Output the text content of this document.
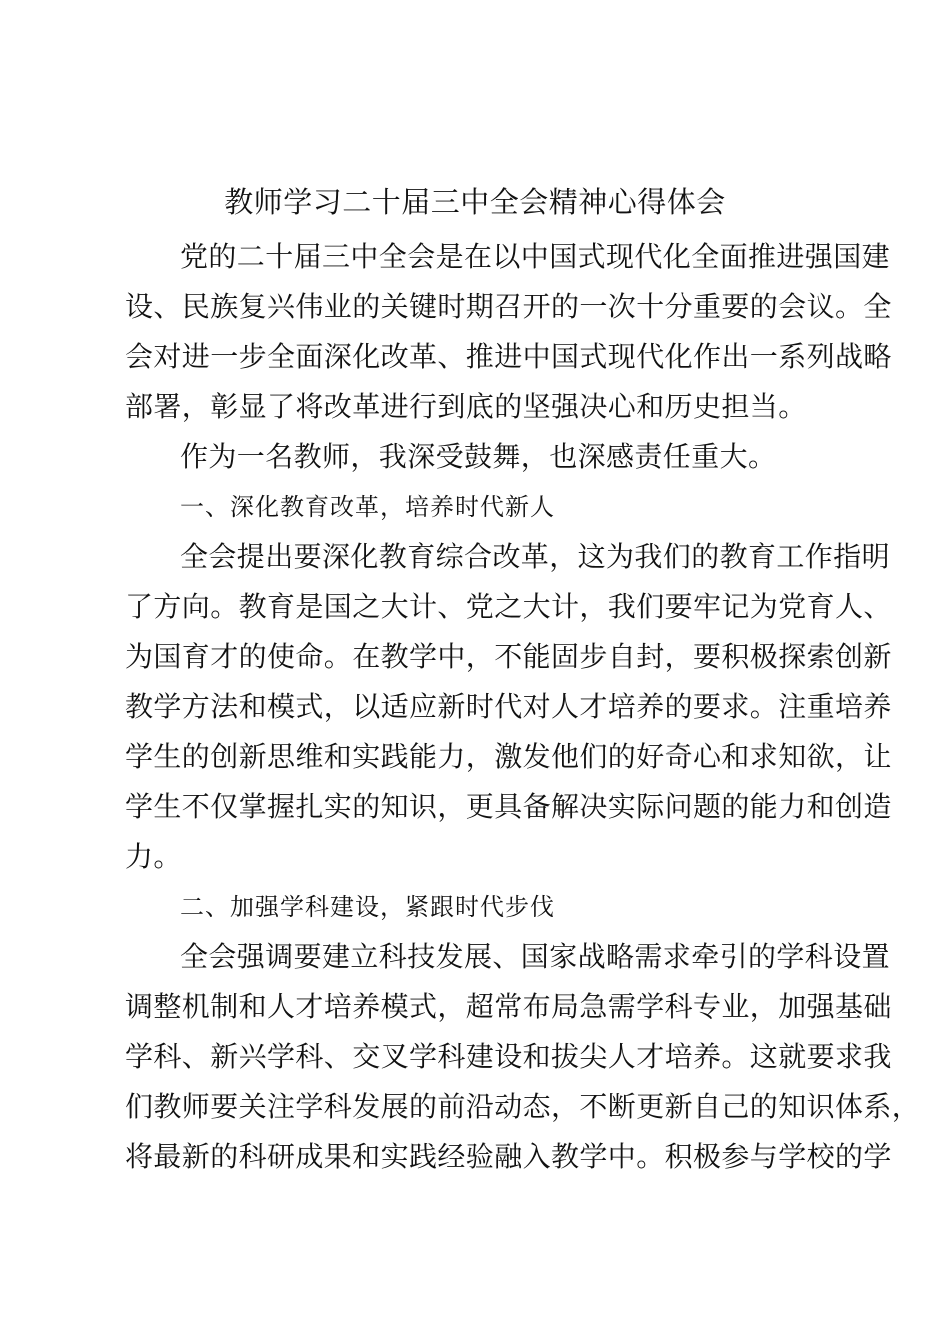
教师学习二十届三中全会精神心得体会
党的二十届三中全会是在以中国式现代化全面推进强国建
设、民族复兴伟业的关键时期召开的一次十分重要的会议。全
会对进一步全面深化改革、推进中国式现代化作出一系列战略
部署，彰显了将改革进行到底的坚强决心和历史担当。
作为一名教师，我深受鼓舞，也深感责任重大。
一、深化教育改革，培养时代新人
全会提出要深化教育综合改革，这为我们的教育工作指明
了方向。教育是国之大计、党之大计，我们要牢记为党育人、
为国育才的使命。在教学中，不能固步自封，要积极探索创新
教学方法和模式，以适应新时代对人才培养的要求。注重培养
学生的创新思维和实践能力，激发他们的好奇心和求知欲，让
学生不仅掌握扎实的知识，更具备解决实际问题的能力和创造
力。
二、加强学科建设，紧跟时代步伐
全会强调要建立科技发展、国家战略需求牵引的学科设置
调整机制和人才培养模式，超常布局急需学科专业，加强基础
学科、新兴学科、交叉学科建设和拔尖人才培养。这就要求我
们教师要关注学科发展的前沿动态，不断更新自己的知识体系，
将最新的科研成果和实践经验融入教学中。积极参与学校的学
